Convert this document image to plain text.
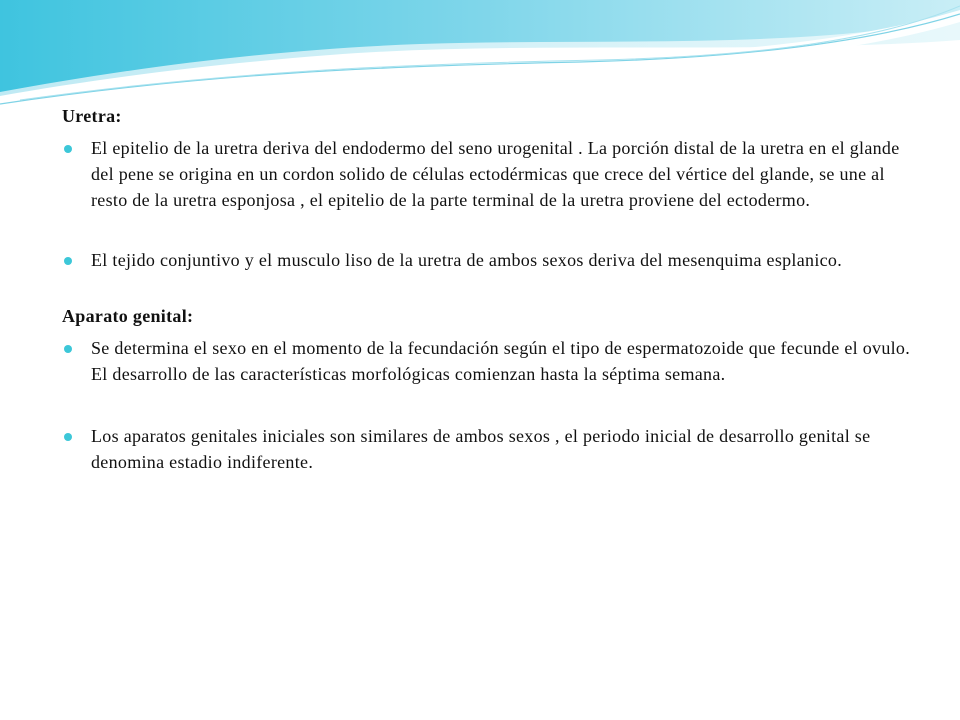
Uretra:

El epitelio de la uretra deriva del endodermo del seno urogenital . La porción distal de la uretra en el glande del pene se origina en un cordon solido de células ectodérmicas que crece del vértice del glande, se une al resto de la uretra esponjosa , el epitelio de la parte terminal de la uretra proviene del ectodermo.

El tejido conjuntivo y el musculo liso de la uretra de ambos sexos deriva del mesenquima esplanico.

Aparato genital:

Se determina el sexo en el momento de la fecundación según el tipo de espermatozoide que fecunde el ovulo. El desarrollo de las características morfológicas comienzan hasta la séptima semana.

Los aparatos genitales iniciales son similares de ambos sexos , el periodo inicial de desarrollo genital se denomina estadio indiferente.
